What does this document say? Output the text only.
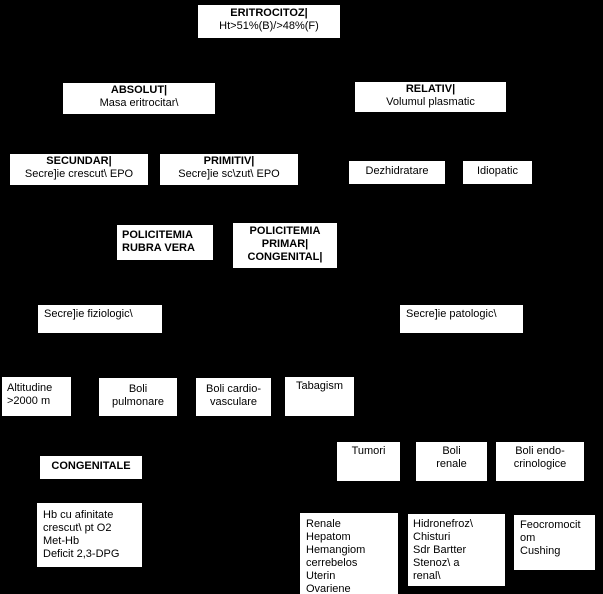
ERITROCITOZ|
Ht>51%(B)/>48%(F)
ABSOLUT|
Masa eritrocitar\
RELATIV|
Volumul plasmatic
SECUNDAR|
Secre]ie crescut\ EPO
PRIMITIV|
Secre]ie sc\zut\ EPO	Dezhidratare	Idiopatic
POLICITEMIA
RUBRA VERA
POLICITEMIA
PRIMAR|
CONGENITAL|
Secre]ie fiziologic\	Secre]ie patologic\
Altitudine
>2000 m
Boli
pulmonare
Boli cardio-
vasculare
Tabagism
Tumori	Boli
renale
Boli endo-
crinologice
CONGENITALE
Hb cu afinitate
crescut\ pt O2
Met-Hb
Deficit 2,3-DPG
Renale
Hepatom
Hemangiom
cerrebelos
Uterin
Ovariene
Hidronefroz\
Chisturi
Sdr Bartter
Stenoz\ a
renal\
Feocromocit
om
Cushing
